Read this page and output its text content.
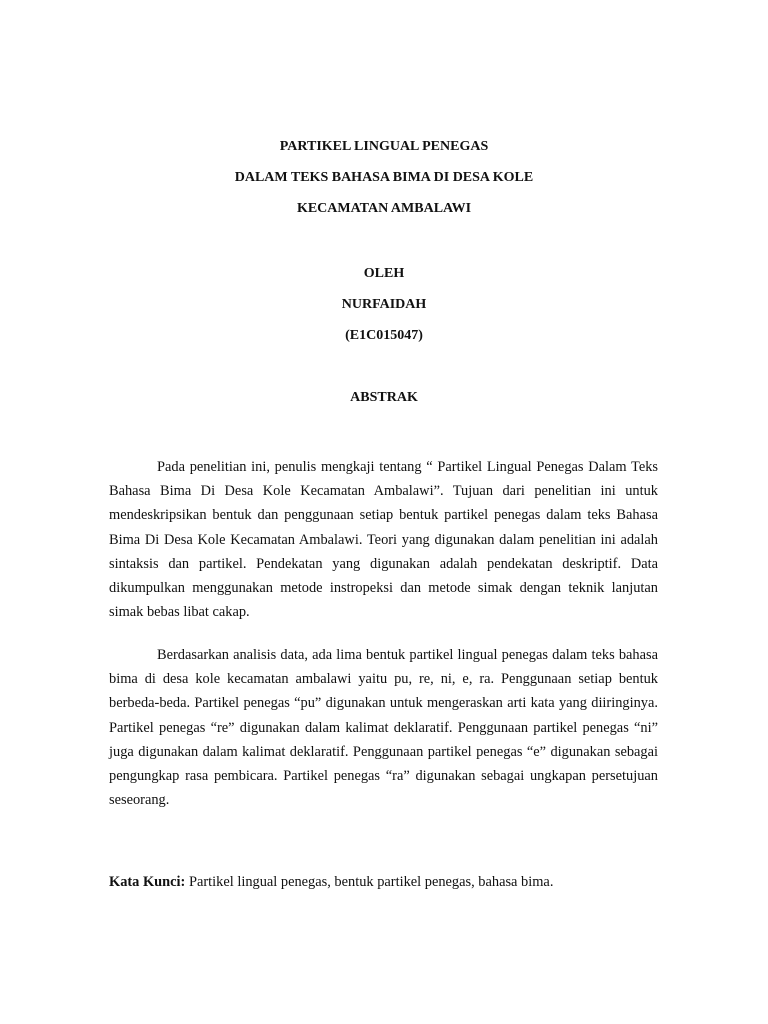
PARTIKEL LINGUAL PENEGAS
DALAM TEKS BAHASA BIMA DI DESA KOLE
KECAMATAN AMBALAWI
OLEH
NURFAIDAH
(E1C015047)
ABSTRAK

Pada penelitian ini, penulis mengkaji tentang “ Partikel Lingual Penegas Dalam Teks Bahasa Bima Di Desa Kole Kecamatan Ambalawi”. Tujuan dari penelitian ini untuk mendeskripsikan bentuk dan penggunaan setiap bentuk partikel penegas dalam teks Bahasa Bima Di Desa Kole Kecamatan Ambalawi. Teori yang digunakan dalam penelitian ini adalah sintaksis dan partikel. Pendekatan yang digunakan adalah pendekatan deskriptif. Data dikumpulkan menggunakan metode instropeksi dan metode simak dengan teknik lanjutan simak bebas libat cakap.

Berdasarkan analisis data, ada lima bentuk partikel lingual penegas dalam teks bahasa bima di desa kole kecamatan ambalawi yaitu pu, re, ni, e, ra. Penggunaan setiap bentuk berbeda-beda. Partikel penegas “pu” digunakan untuk mengeraskan arti kata yang diiringinya. Partikel penegas “re” digunakan dalam kalimat deklaratif. Penggunaan partikel penegas “ni” juga digunakan dalam kalimat deklaratif. Penggunaan partikel penegas “e” digunakan sebagai pengungkap rasa pembicara. Partikel penegas “ra” digunakan sebagai ungkapan persetujuan seseorang.

Kata Kunci: Partikel lingual penegas, bentuk partikel penegas, bahasa bima.
